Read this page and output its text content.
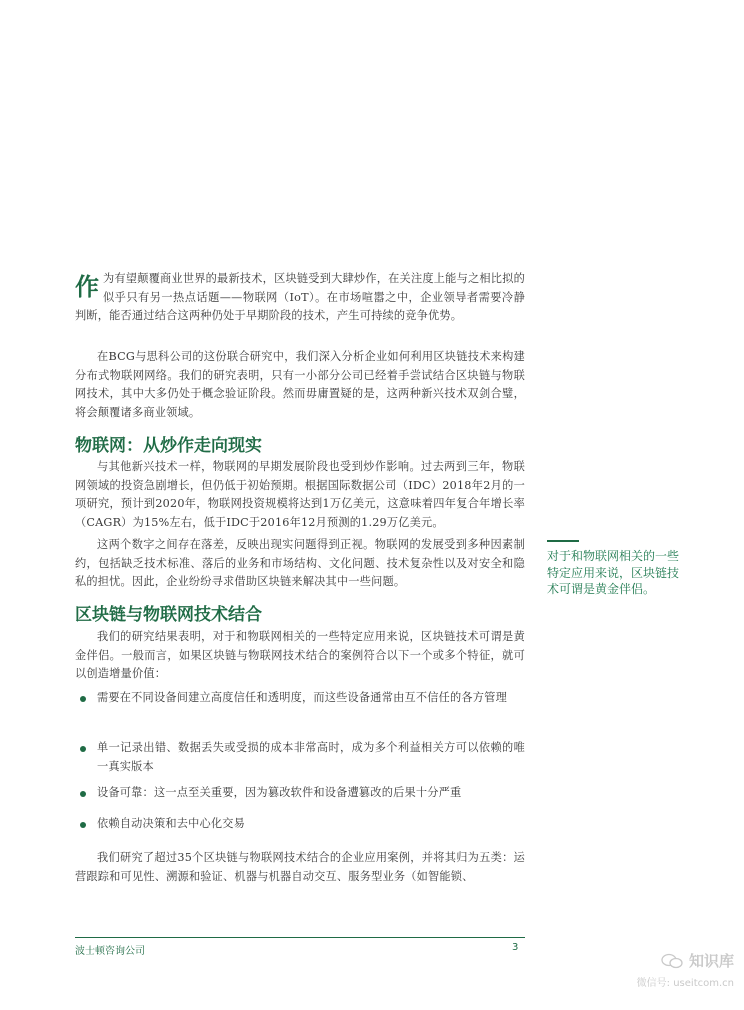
作 为有望颠覆商业世界的最新技术，区块链受到大肆炒作，在关注度上能与之相比拟的似乎只有另一热点话题——物联网（IoT）。在市场喧嚣之中，企业领导者需要冷静判断，能否通过结合这两种仍处于早期阶段的技术，产生可持续的竞争优势。

在BCG与思科公司的这份联合研究中，我们深入分析企业如何利用区块链技术来构建分布式物联网网络。我们的研究表明，只有一小部分公司已经着手尝试结合区块链与物联网技术，其中大多仍处于概念验证阶段。然而毋庸置疑的是，这两种新兴技术双剑合璧，将会颠覆诸多商业领域。

物联网：从炒作走向现实

与其他新兴技术一样，物联网的早期发展阶段也受到炒作影响。过去两到三年，物联网领域的投资急剧增长，但仍低于初始预期。根据国际数据公司（IDC）2018年2月的一项研究，预计到2020年，物联网投资规模将达到1万亿美元，这意味着四年复合年增长率（CAGR）为15%左右，低于IDC于2016年12月预测的1.29万亿美元。

这两个数字之间存在落差，反映出现实问题得到正视。物联网的发展受到多种因素制约，包括缺乏技术标准、落后的业务和市场结构、文化问题、技术复杂性以及对安全和隐私的担忧。因此，企业纷纷寻求借助区块链来解决其中一些问题。

区块链与物联网技术结合

我们的研究结果表明，对于和物联网相关的一些特定应用来说，区块链技术可谓是黄金伴侣。一般而言，如果区块链与物联网技术结合的案例符合以下一个或多个特征，就可以创造增量价值：

需要在不同设备间建立高度信任和透明度，而这些设备通常由互不信任的各方管理
单一记录出错、数据丢失或受损的成本非常高时，成为多个利益相关方可以依赖的唯一真实版本
设备可靠：这一点至关重要，因为篡改软件和设备遭篡改的后果十分严重
依赖自动决策和去中心化交易

我们研究了超过35个区块链与物联网技术结合的企业应用案例，并将其归为五类：运营跟踪和可见性、溯源和验证、机器与机器自动交互、服务型业务（如智能锁、

对于和物联网相关的一些特定应用来说，区块链技术可谓是黄金伴侣。
波士顿咨询公司	3
知识库
微信号: useitcom.cn
